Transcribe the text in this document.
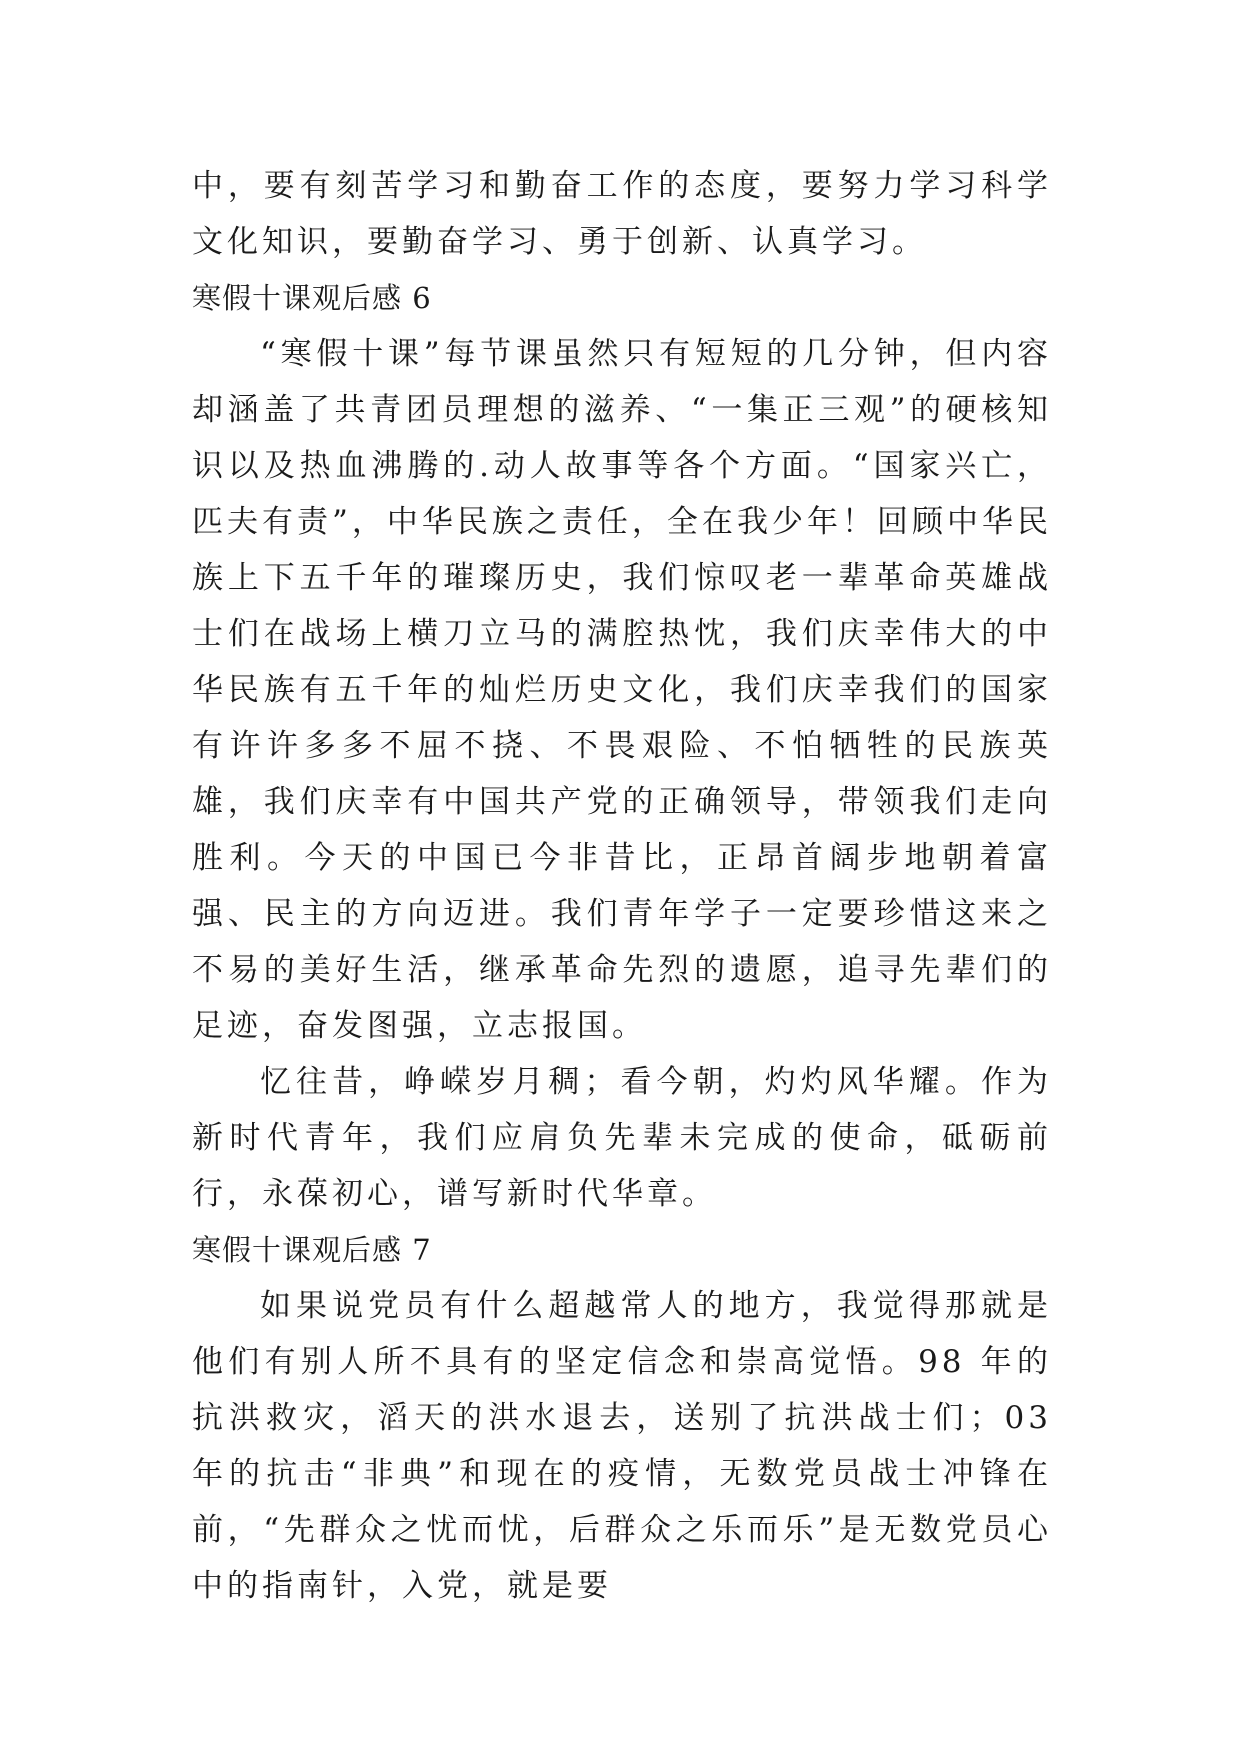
中，要有刻苦学习和勤奋工作的态度，要努力学习科学文化知识，要勤奋学习、勇于创新、认真学习。

寒假十课观后感 6

“寒假十课”每节课虽然只有短短的几分钟，但内容却涵盖了共青团员理想的滋养、“一集正三观”的硬核知识以及热血沸腾的.动人故事等各个方面。“国家兴亡，匹夫有责”，中华民族之责任，全在我少年！回顾中华民族上下五千年的璀璨历史，我们惊叹老一辈革命英雄战士们在战场上横刀立马的满腔热忱，我们庆幸伟大的中华民族有五千年的灿烂历史文化，我们庆幸我们的国家有许许多多不屈不挠、不畏艰险、不怕牺牲的民族英雄，我们庆幸有中国共产党的正确领导，带领我们走向胜利。今天的中国已今非昔比，正昂首阔步地朝着富强、民主的方向迈进。我们青年学子一定要珍惜这来之不易的美好生活，继承革命先烈的遗愿，追寻先辈们的足迹，奋发图强，立志报国。

忆往昔，峥嵘岁月稠；看今朝，灼灼风华耀。作为新时代青年，我们应肩负先辈未完成的使命，砥砺前行，永葆初心，谱写新时代华章。

寒假十课观后感 7

如果说党员有什么超越常人的地方，我觉得那就是他们有别人所不具有的坚定信念和崇高觉悟。98 年的抗洪救灾，滔天的洪水退去，送别了抗洪战士们；03 年的抗击“非典”和现在的疫情，无数党员战士冲锋在前，“先群众之忧而忧，后群众之乐而乐”是无数党员心中的指南针，入党，就是要
